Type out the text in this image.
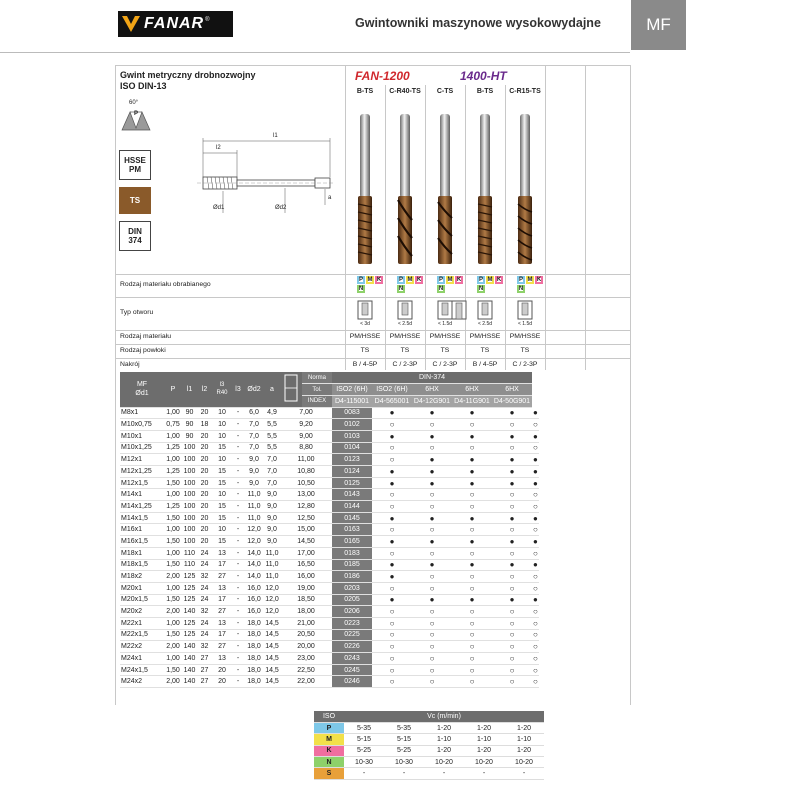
FANAR ®	Gwintowniki maszynowe wysokowydajne	MF
Gwint metryczny drobnozwojny
ISO DIN-13
FAN-1200	1400-HT
B-TS	C-R40-TS	C-TS	B-TS	C-R15-TS
60°
P
HSSE
PM
TS
DIN
374
l1
l2
Ød1	Ød2
a
Rodzaj materiału obrabianego
Typ otworu
Rodzaj materiału
Rodzaj powłoki
Nakrój
P M K
N
P M K
N
P M K
N
P M K
N
P M K
N
< 3d	< 2.5d	< 1.5d	< 2.5d	< 1.5d
PM/HSSE	PM/HSSE	PM/HSSE	PM/HSSE	PM/HSSE
TS	TS	TS	TS	TS
B / 4-5P	C / 2-3P	C / 2-3P	B / 4-5P	C / 2-3P
MF
Ød1	P	l1	l2	l3
R40	l3	Ød2	a		Norma	DIN-374					
									Tol.	ISO2 (6H)	ISO2 (6H)	6HX	6HX	6HX	
									INDEX	D4-115001	D4-565001	D4-12G901	D4-11G901	D4-50G901	
M8x1	1,00	90	20	10	-	6,0	4,9	7,00		0083	●	●	●	●	●
M10x0,75	0,75	90	18	10	-	7,0	5,5	9,20		0102	○	○	○	○	○
M10x1	1,00	90	20	10	-	7,0	5,5	9,00		0103	●	●	●	●	●
M10x1,25	1,25	100	20	15	-	7,0	5,5	8,80		0104	○	○	○	○	○
M12x1	1,00	100	20	10	-	9,0	7,0	11,00		0123	○	●	●	●	●
M12x1,25	1,25	100	20	15	-	9,0	7,0	10,80		0124	●	●	●	●	●
M12x1,5	1,50	100	20	15	-	9,0	7,0	10,50		0125	●	●	●	●	●
M14x1	1,00	100	20	10	-	11,0	9,0	13,00		0143	○	○	○	○	○
M14x1,25	1,25	100	20	15	-	11,0	9,0	12,80		0144	○	○	○	○	○
M14x1,5	1,50	100	20	15	-	11,0	9,0	12,50		0145	●	●	●	●	●
M16x1	1,00	100	20	10	-	12,0	9,0	15,00		0163	○	○	○	○	○
M16x1,5	1,50	100	20	15	-	12,0	9,0	14,50		0165	●	●	●	●	●
M18x1	1,00	110	24	13	-	14,0	11,0	17,00		0183	○	○	○	○	○
M18x1,5	1,50	110	24	17	-	14,0	11,0	16,50		0185	●	●	●	●	●
M18x2	2,00	125	32	27	-	14,0	11,0	16,00		0186	●	○	○	○	○
M20x1	1,00	125	24	13	-	16,0	12,0	19,00		0203	○	○	○	○	○
M20x1,5	1,50	125	24	17	-	16,0	12,0	18,50		0205	●	●	●	●	●
M20x2	2,00	140	32	27	-	16,0	12,0	18,00		0206	○	○	○	○	○
M22x1	1,00	125	24	13	-	18,0	14,5	21,00		0223	○	○	○	○	○
M22x1,5	1,50	125	24	17	-	18,0	14,5	20,50		0225	○	○	○	○	○
M22x2	2,00	140	32	27	-	18,0	14,5	20,00		0226	○	○	○	○	○
M24x1	1,00	140	27	13	-	18,0	14,5	23,00		0243	○	○	○	○	○
M24x1,5	1,50	140	27	20	-	18,0	14,5	22,50		0245	○	○	○	○	○
M24x2	2,00	140	27	20	-	18,0	14,5	22,00		0246	○	○	○	○	○
ISO	Vc (m/min)				
P	5-35	5-35	1-20	1-20	1-20
M	5-15	5-15	1-10	1-10	1-10
K	5-25	5-25	1-20	1-20	1-20
N	10-30	10-30	10-20	10-20	10-20
S	-	-	-	-	-
